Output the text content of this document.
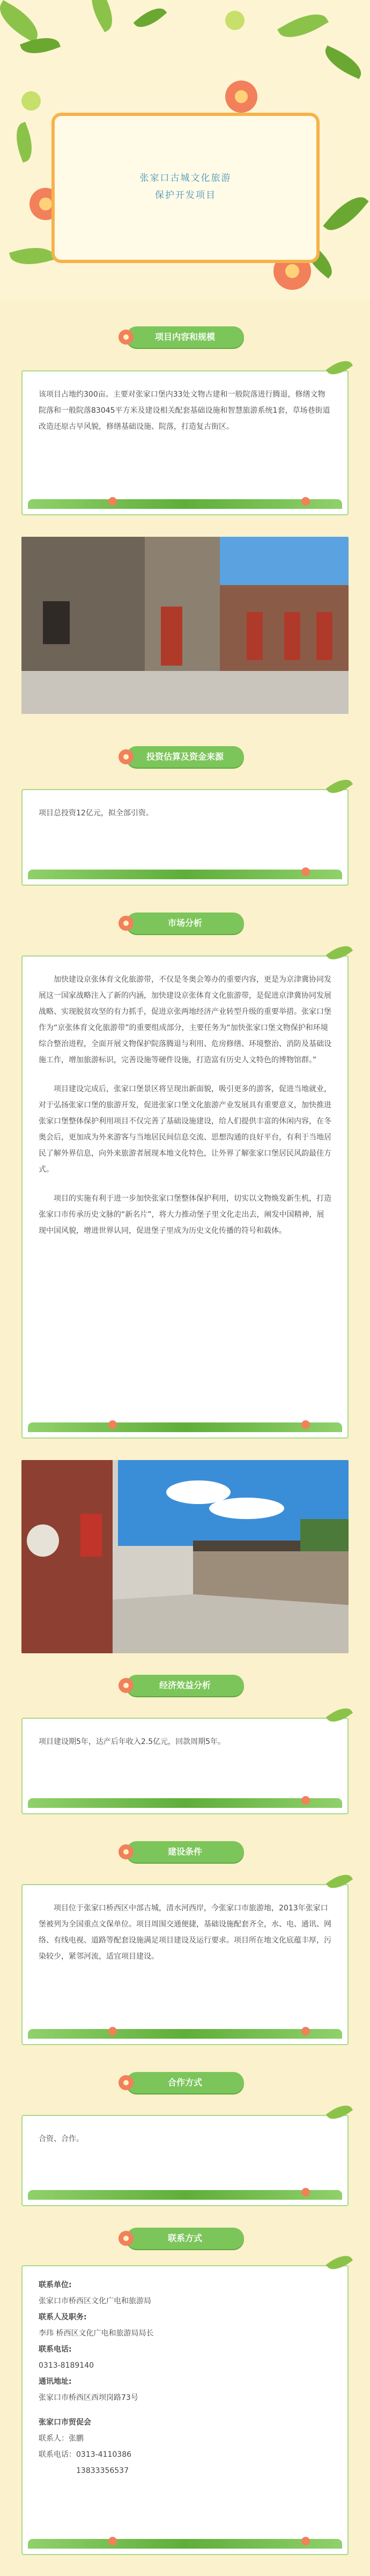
张家口古城文化旅游
保护开发项目
项目内容和规模

该项目占地约300亩。主要对张家口堡内33处文物古建和一般院落进行腾退，修缮文物院落和一般院落83045平方米及建设相关配套基础设施和智慧旅游系统1套，草场巷街道改造还原古早风貌，修缮基础设施、院落，打造复古街区。

投资估算及资金来源

项目总投资12亿元，拟全部引资。

市场分析

加快建设京张体育文化旅游带，不仅是冬奥会筹办的重要内容，更是为京津冀协同发展这一国家战略注入了新的内涵，加快建设京张体育文化旅游带，是促进京津冀协同发展战略、实现脱贫攻坚的有力抓手，促进京张两地经济产业转型升级的重要举措。张家口堡作为“京张体育文化旅游带”的重要组成部分，主要任务为“加快张家口堡文物保护和环境综合整治进程，全面开展文物保护院落腾退与利用、危房修缮、环境整治、消防及基础设施工作，增加旅游标识，完善设施等硬件设施，打造富有历史人文特色的博物馆群。”

项目建设完成后，张家口堡景区将呈现出新面貌，吸引更多的游客，促进当地就业，对于弘扬张家口堡的旅游开发，促进张家口堡文化旅游产业发展具有重要意义，加快推进张家口堡整体保护利用项目不仅完善了基础设施建设，给人们提供丰富的休闲内容，在冬奥会后，更加成为外来游客与当地居民间信息交流、思想沟通的良好平台，有利于当地居民了解外界信息，向外来旅游者展现本地文化特色，让外界了解张家口堡居民风韵最佳方式。

项目的实施有利于进一步加快张家口堡整体保护利用，切实以文物焕发新生机，打造张家口市传承历史文脉的“新名片”，将大力推动堡子里文化走出去，阐发中国精神，展现中国风貌，增进世界认同，促进堡子里成为历史文化传播的符号和载体。

经济效益分析

项目建设期5年，达产后年收入2.5亿元，回款周期5年。

建设条件

项目位于张家口桥西区中部古城，清水河西岸，今张家口市旅游地，2013年张家口堡被列为全国重点文保单位。项目周围交通便捷，基础设施配套齐全，水、电、通讯、网络、有线电视、道路等配套设施满足项目建设及运行要求。项目所在地文化底蕴丰厚，污染较少，紧邻河流，适宜项目建设。

合作方式

合资、合作。

联系方式

联系单位:

张家口市桥西区文化广电和旅游局

联系人及职务:

李玮 桥西区文化广电和旅游局局长

联系电话:

0313-8189140

通讯地址:

张家口市桥西区西坝岗路73号

张家口市贸促会

联系人：张鹏

联系电话：0313-4110386

13833356537
